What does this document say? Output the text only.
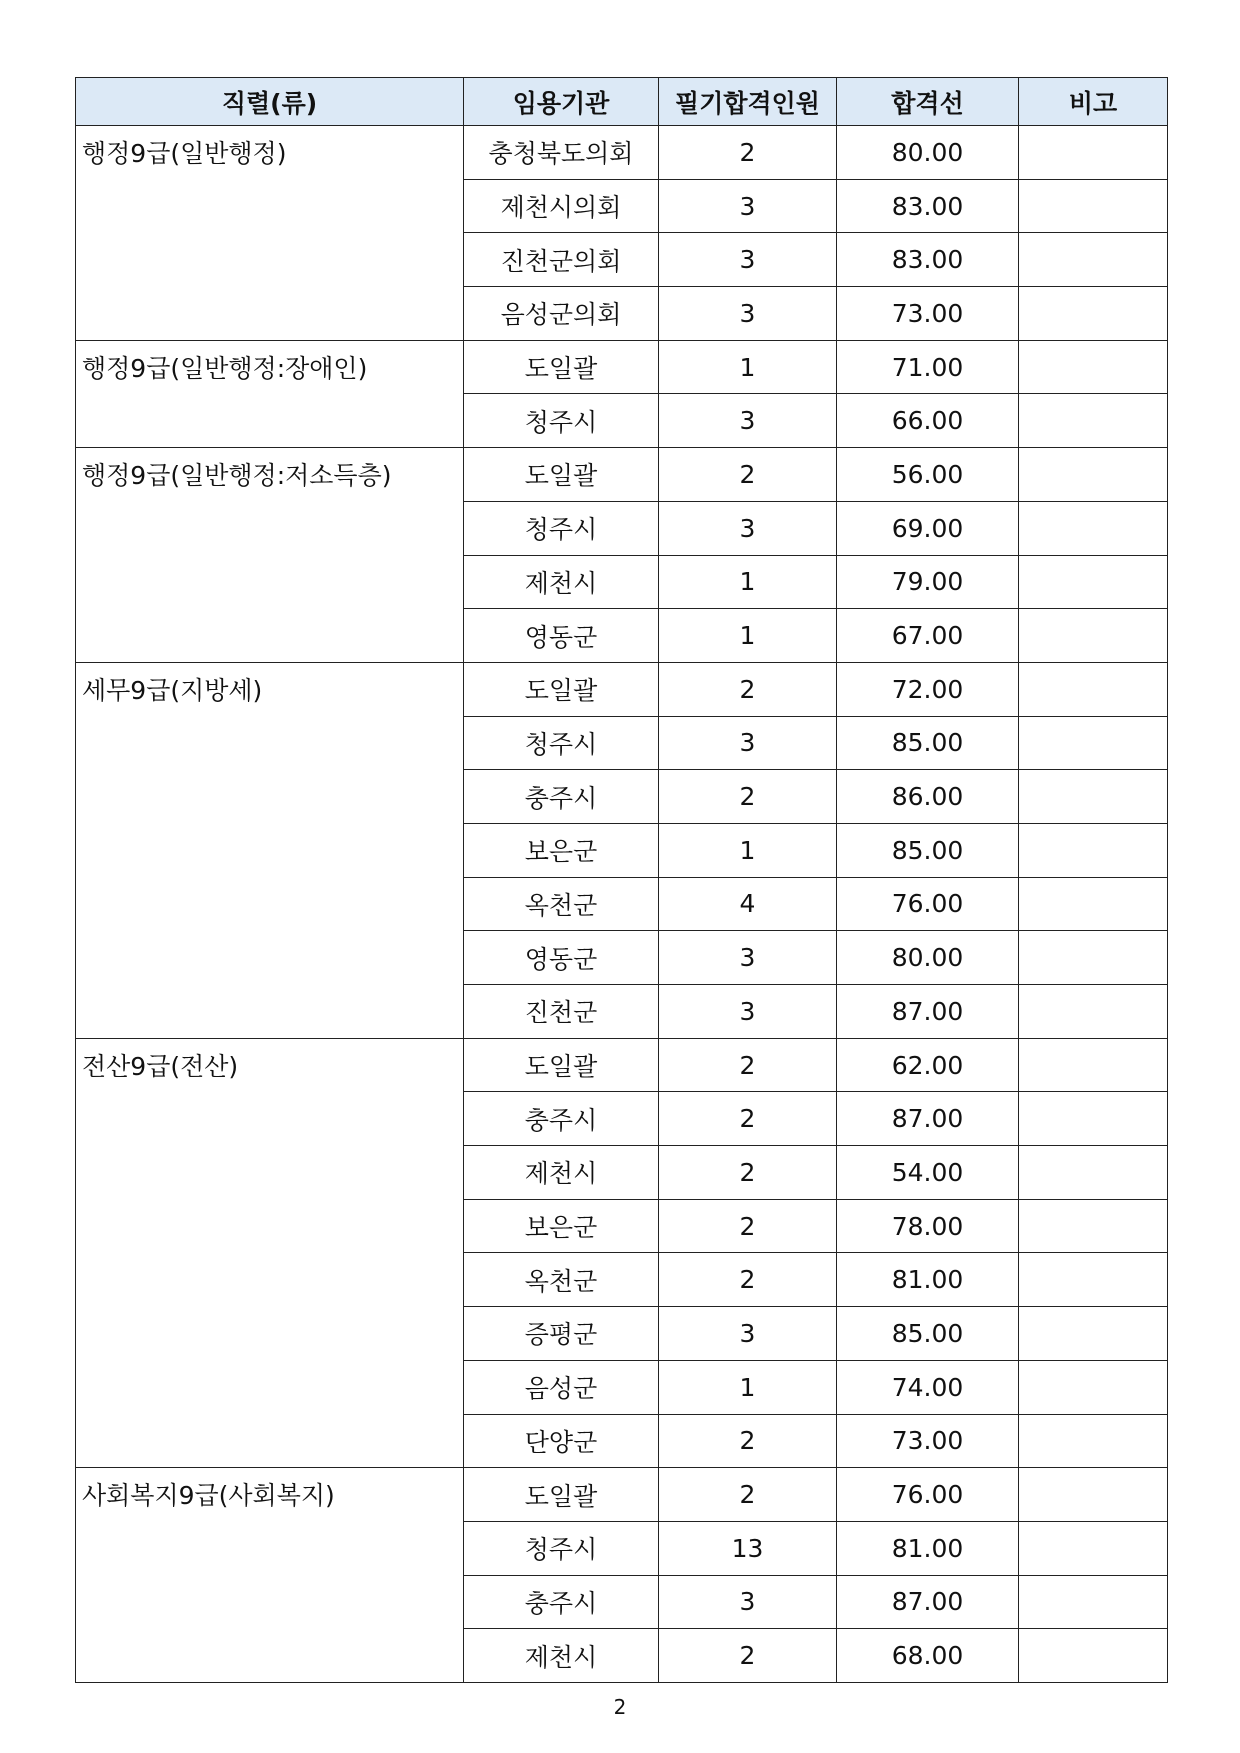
직렬(류)	임용기관	필기합격인원	합격선	비고
행정9급(일반행정)	충청북도의회	2	80.00	
	제천시의회	3	83.00	
	진천군의회	3	83.00	
	음성군의회	3	73.00	
행정9급(일반행정:장애인)	도일괄	1	71.00	
	청주시	3	66.00	
행정9급(일반행정:저소득층)	도일괄	2	56.00	
	청주시	3	69.00	
	제천시	1	79.00	
	영동군	1	67.00	
세무9급(지방세)	도일괄	2	72.00	
	청주시	3	85.00	
	충주시	2	86.00	
	보은군	1	85.00	
	옥천군	4	76.00	
	영동군	3	80.00	
	진천군	3	87.00	
전산9급(전산)	도일괄	2	62.00	
	충주시	2	87.00	
	제천시	2	54.00	
	보은군	2	78.00	
	옥천군	2	81.00	
	증평군	3	85.00	
	음성군	1	74.00	
	단양군	2	73.00	
사회복지9급(사회복지)	도일괄	2	76.00	
	청주시	13	81.00	
	충주시	3	87.00	
	제천시	2	68.00	
2
